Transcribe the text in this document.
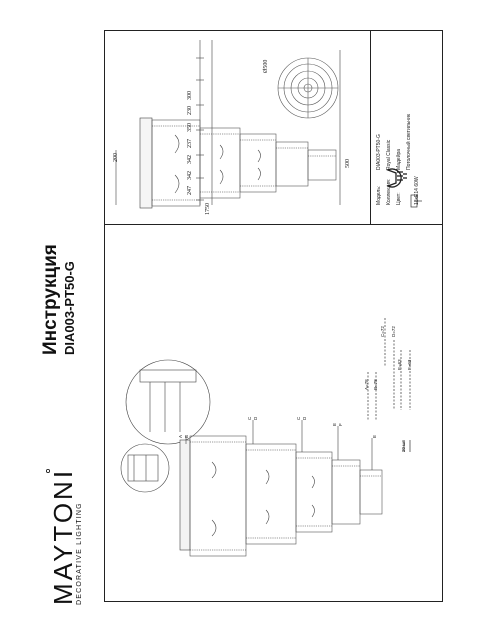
MAYTONI
DECORATIVE LIGHTING
Инструкция DIA003-PT50-G
Модель:
DIA003-PT50-G
Коллекция:
Royal Classic
Цвет:
Мадейра Потолочный светильник
18xE14 60W
200
1750
500
Ø500
247
342
342
237
350
230
300
A B
C D	C D
E F
E
A=78 B=78
C=72 D=72
E=63 F=63
20 шт
